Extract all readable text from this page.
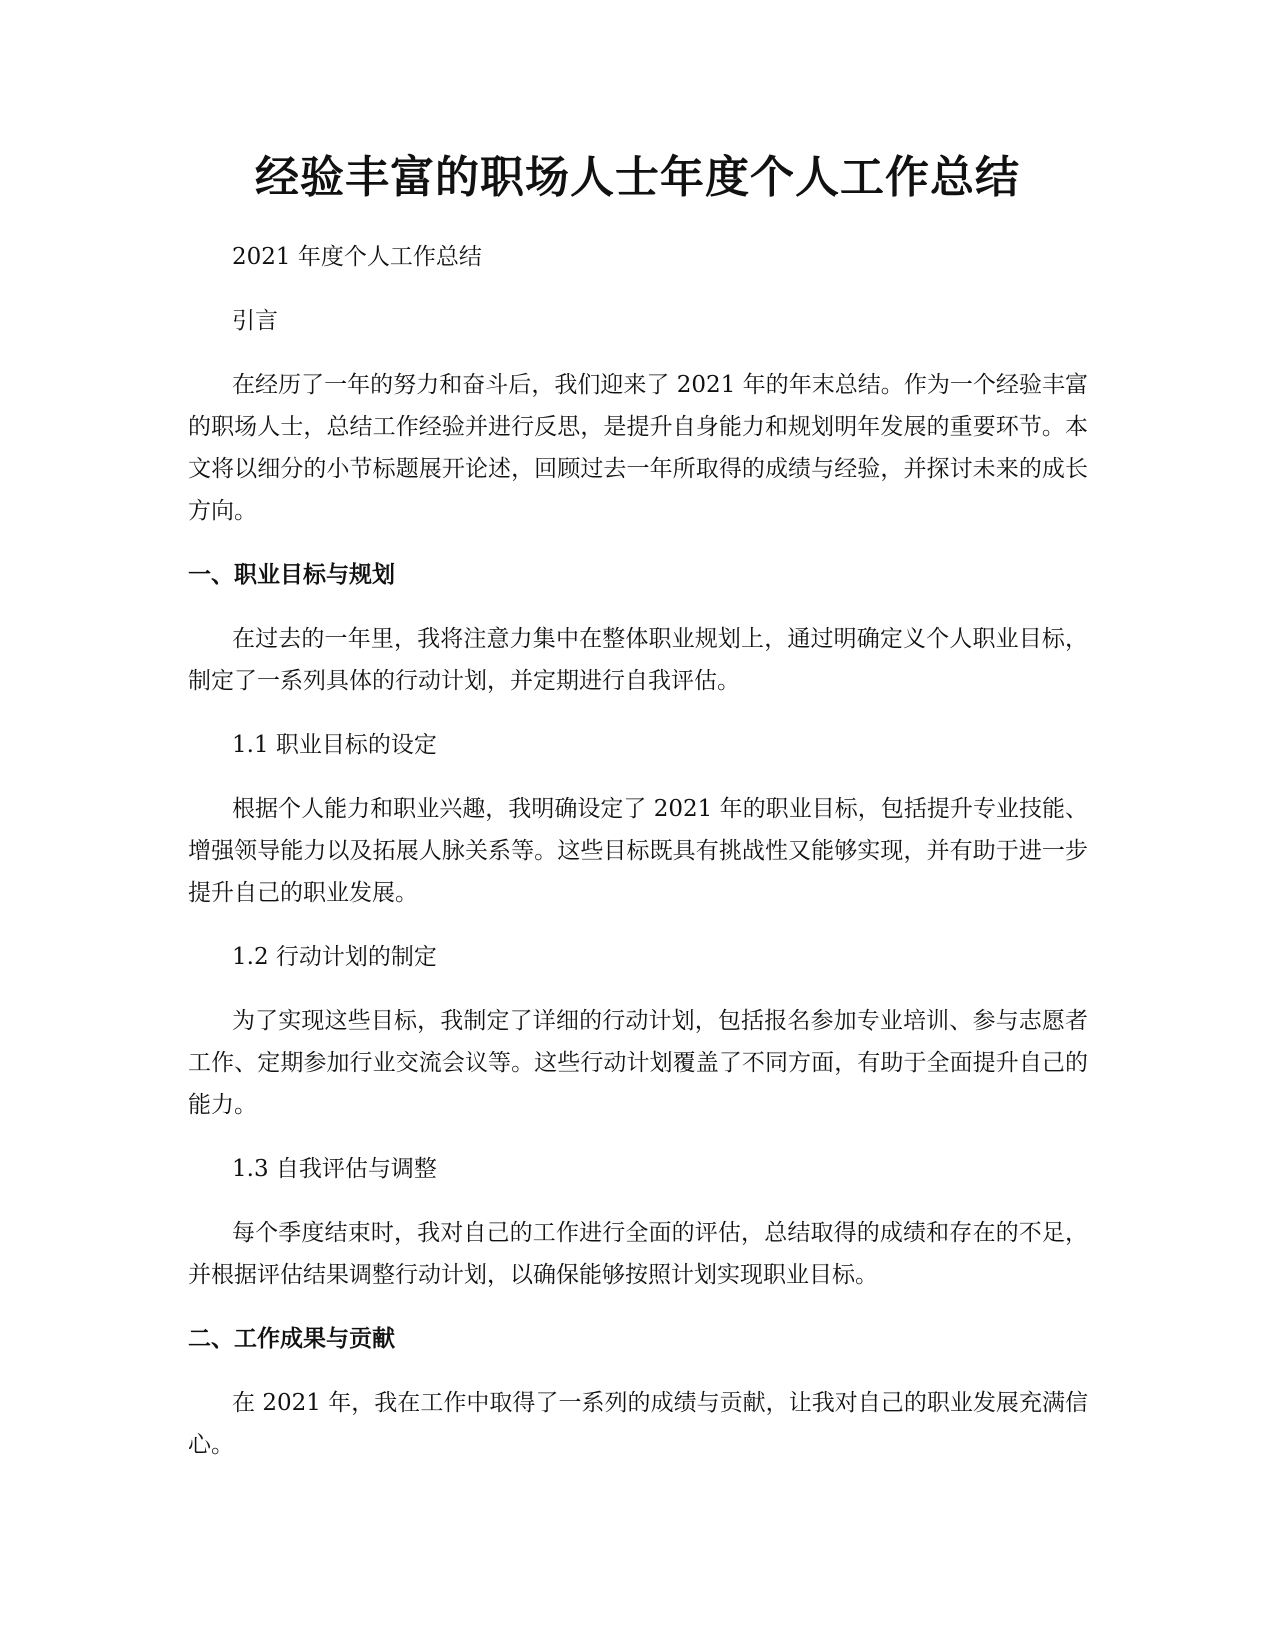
经验丰富的职场人士年度个人工作总结
2021 年度个人工作总结
引言

在经历了一年的努力和奋斗后，我们迎来了 2021 年的年末总结。作为一个经验丰富的职场人士，总结工作经验并进行反思，是提升自身能力和规划明年发展的重要环节。本文将以细分的小节标题展开论述，回顾过去一年所取得的成绩与经验，并探讨未来的成长方向。

一、职业目标与规划

在过去的一年里，我将注意力集中在整体职业规划上，通过明确定义个人职业目标，制定了一系列具体的行动计划，并定期进行自我评估。

1.1 职业目标的设定

根据个人能力和职业兴趣，我明确设定了 2021 年的职业目标，包括提升专业技能、增强领导能力以及拓展人脉关系等。这些目标既具有挑战性又能够实现，并有助于进一步提升自己的职业发展。

1.2 行动计划的制定

为了实现这些目标，我制定了详细的行动计划，包括报名参加专业培训、参与志愿者工作、定期参加行业交流会议等。这些行动计划覆盖了不同方面，有助于全面提升自己的能力。

1.3 自我评估与调整

每个季度结束时，我对自己的工作进行全面的评估，总结取得的成绩和存在的不足，并根据评估结果调整行动计划，以确保能够按照计划实现职业目标。

二、工作成果与贡献

在 2021 年，我在工作中取得了一系列的成绩与贡献，让我对自己的职业发展充满信心。
